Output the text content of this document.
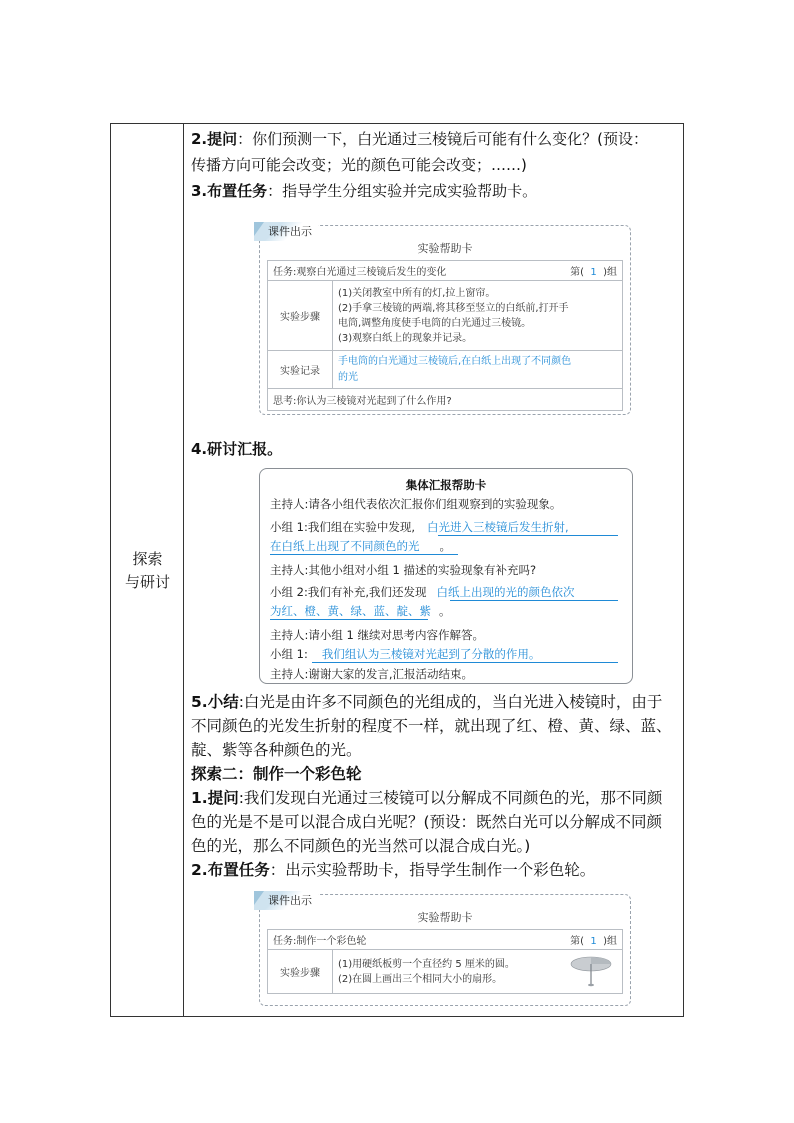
探索
与研讨
2.提问：你们预测一下，白光通过三棱镜后可能有什么变化？(预设：
传播方向可能会改变；光的颜色可能会改变；……)
3.布置任务：指导学生分组实验并完成实验帮助卡。
课件出示
实验帮助卡
任务:观察白光通过三棱镜后发生的变化 第( 1 )组	

实验步骤	(1)关闭教室中所有的灯,拉上窗帘。
(2)手拿三棱镜的两端,将其移至竖立的白纸前,打开手
电筒,调整角度使手电筒的白光通过三棱镜。
(3)观察白纸上的现象并记录。

实验记录	手电筒的白光通过三棱镜后,在白纸上出现了不同颜色
的光

思考:你认为三棱镜对光起到了什么作用?	
4.研讨汇报。
集体汇报帮助卡
主持人:请各小组代表依次汇报你们组观察到的实验现象。
小组 1:我们组在实验中发现, 白光进入三棱镜后发生折射,
在白纸上出现了不同颜色的光 。
主持人:其他小组对小组 1 描述的实验现象有补充吗?
小组 2:我们有补充,我们还发现 白纸上出现的光的颜色依次
为红、橙、黄、绿、蓝、靛、紫 。
主持人:请小组 1 继续对思考内容作解答。
小组 1: 我们组认为三棱镜对光起到了分散的作用。
主持人:谢谢大家的发言,汇报活动结束。
5.小结:白光是由许多不同颜色的光组成的，当白光进入棱镜时，由于
不同颜色的光发生折射的程度不一样，就出现了红、橙、黄、绿、蓝、
靛、紫等各种颜色的光。
探索二：制作一个彩色轮
1.提问:我们发现白光通过三棱镜可以分解成不同颜色的光，那不同颜
色的光是不是可以混合成白光呢？(预设：既然白光可以分解成不同颜
色的光，那么不同颜色的光当然可以混合成白光。)
2.布置任务：出示实验帮助卡，指导学生制作一个彩色轮。
课件出示
实验帮助卡
任务:制作一个彩色轮	第( 1 )组

实验步骤	
(1)用硬纸板剪一个直径约 5 厘米的圆。
(2)在圆上画出三个相同大小的扇形。
